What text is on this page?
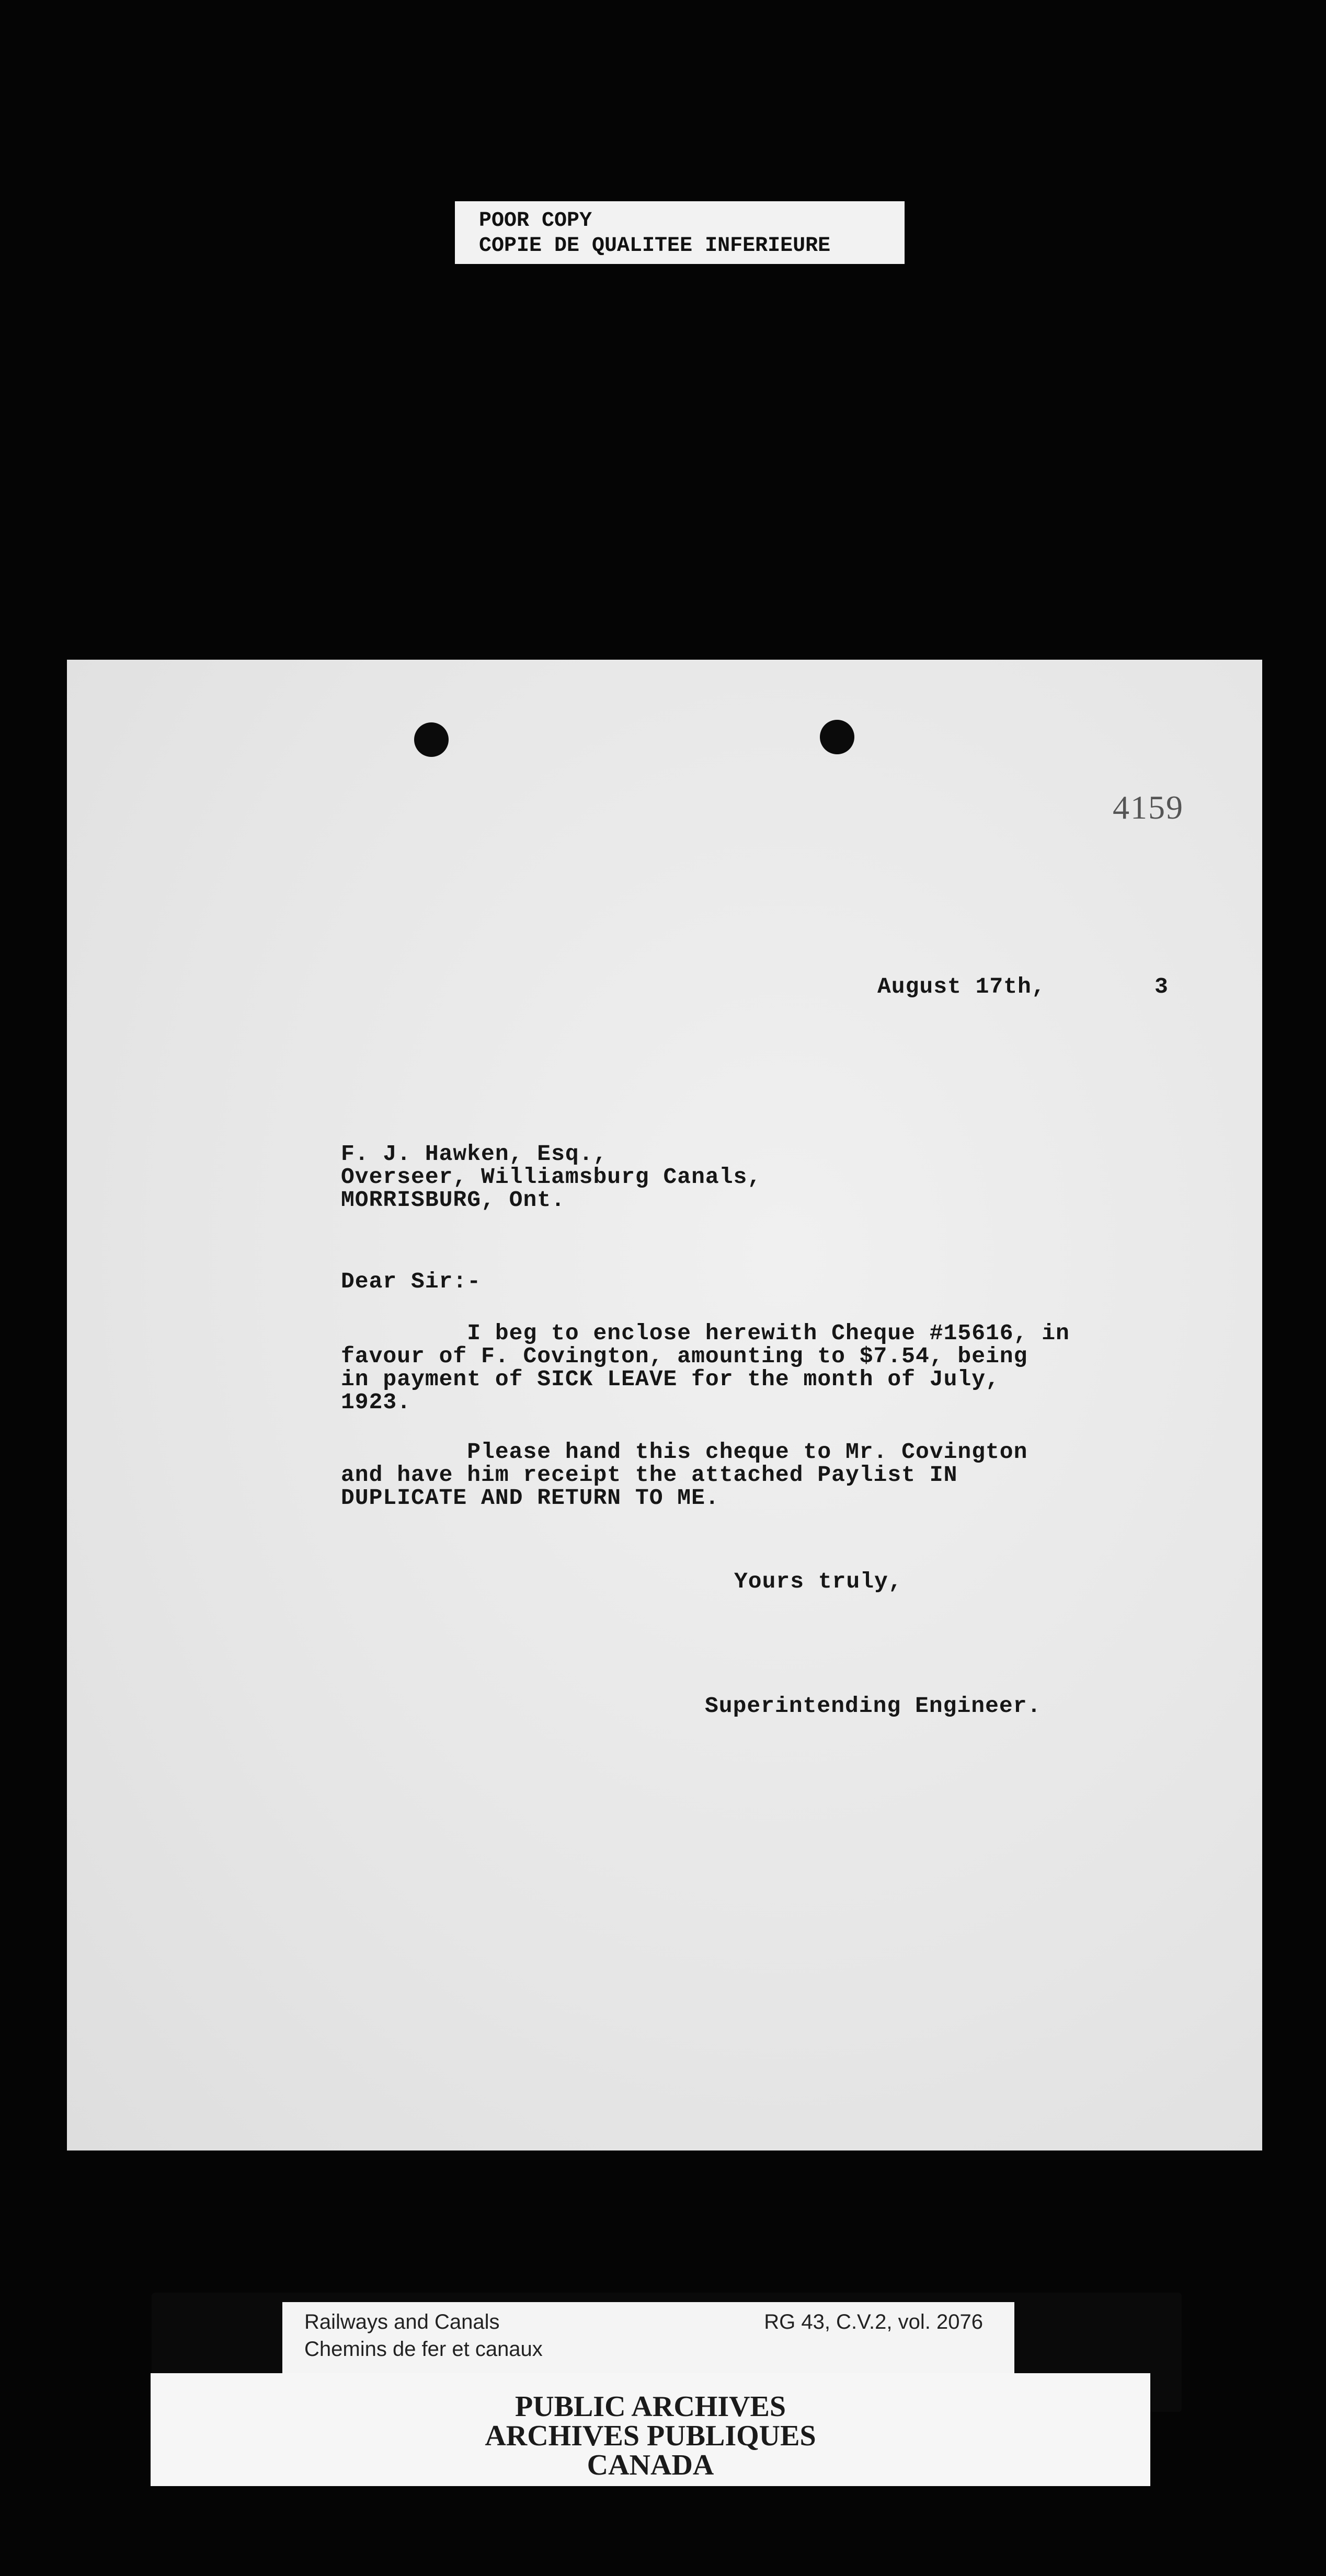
POOR COPY
COPIE DE QUALITEE INFERIEURE
4159
August 17th,	3
F. J. Hawken, Esq.,
Overseer, Williamsburg Canals,
MORRISBURG, Ont.
Dear Sir:-
I beg to enclose herewith Cheque #15616, in
favour of F. Covington, amounting to $7.54, being
in payment of SICK LEAVE for the month of July,
1923.
Please hand this cheque to Mr. Covington
and have him receipt the attached Paylist IN
DUPLICATE AND RETURN TO ME.
Yours truly,
Superintending Engineer.
Railways and Canals
Chemins de fer et canaux
RG 43, C.V.2, vol. 2076
PUBLIC ARCHIVES
ARCHIVES PUBLIQUES
CANADA
